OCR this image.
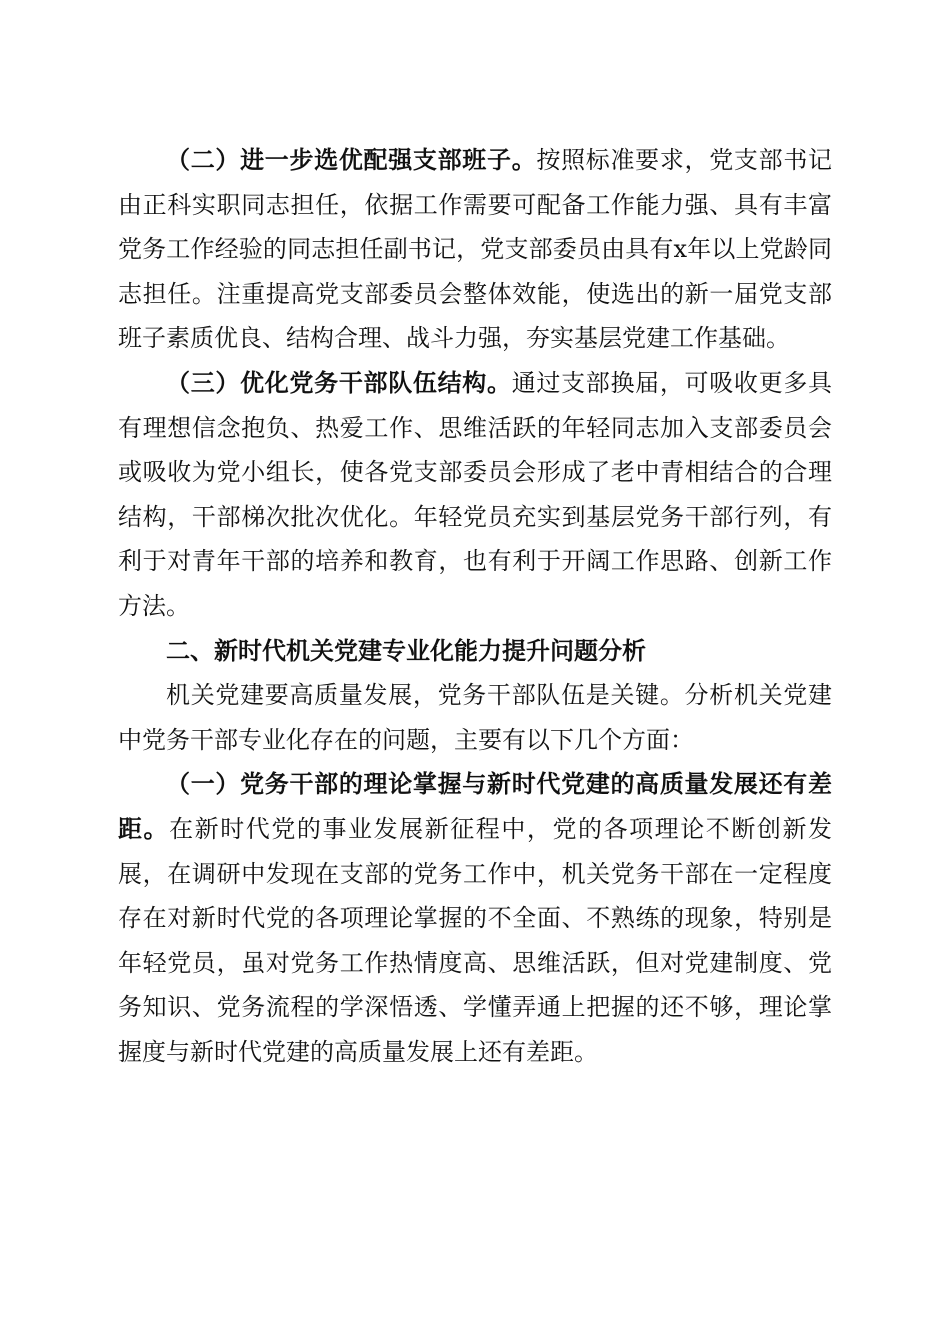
（二）进一步选优配强支部班子。按照标准要求，党支部书记由正科实职同志担任，依据工作需要可配备工作能力强、具有丰富党务工作经验的同志担任副书记，党支部委员由具有x年以上党龄同志担任。注重提高党支部委员会整体效能，使选出的新一届党支部班子素质优良、结构合理、战斗力强，夯实基层党建工作基础。

（三）优化党务干部队伍结构。通过支部换届，可吸收更多具有理想信念抱负、热爱工作、思维活跃的年轻同志加入支部委员会或吸收为党小组长，使各党支部委员会形成了老中青相结合的合理结构，干部梯次批次优化。年轻党员充实到基层党务干部行列，有利于对青年干部的培养和教育，也有利于开阔工作思路、创新工作方法。

二、新时代机关党建专业化能力提升问题分析

机关党建要高质量发展，党务干部队伍是关键。分析机关党建中党务干部专业化存在的问题，主要有以下几个方面：

（一）党务干部的理论掌握与新时代党建的高质量发展还有差距。在新时代党的事业发展新征程中，党的各项理论不断创新发展，在调研中发现在支部的党务工作中，机关党务干部在一定程度存在对新时代党的各项理论掌握的不全面、不熟练的现象，特别是年轻党员，虽对党务工作热情度高、思维活跃，但对党建制度、党务知识、党务流程的学深悟透、学懂弄通上把握的还不够，理论掌握度与新时代党建的高质量发展上还有差距。
